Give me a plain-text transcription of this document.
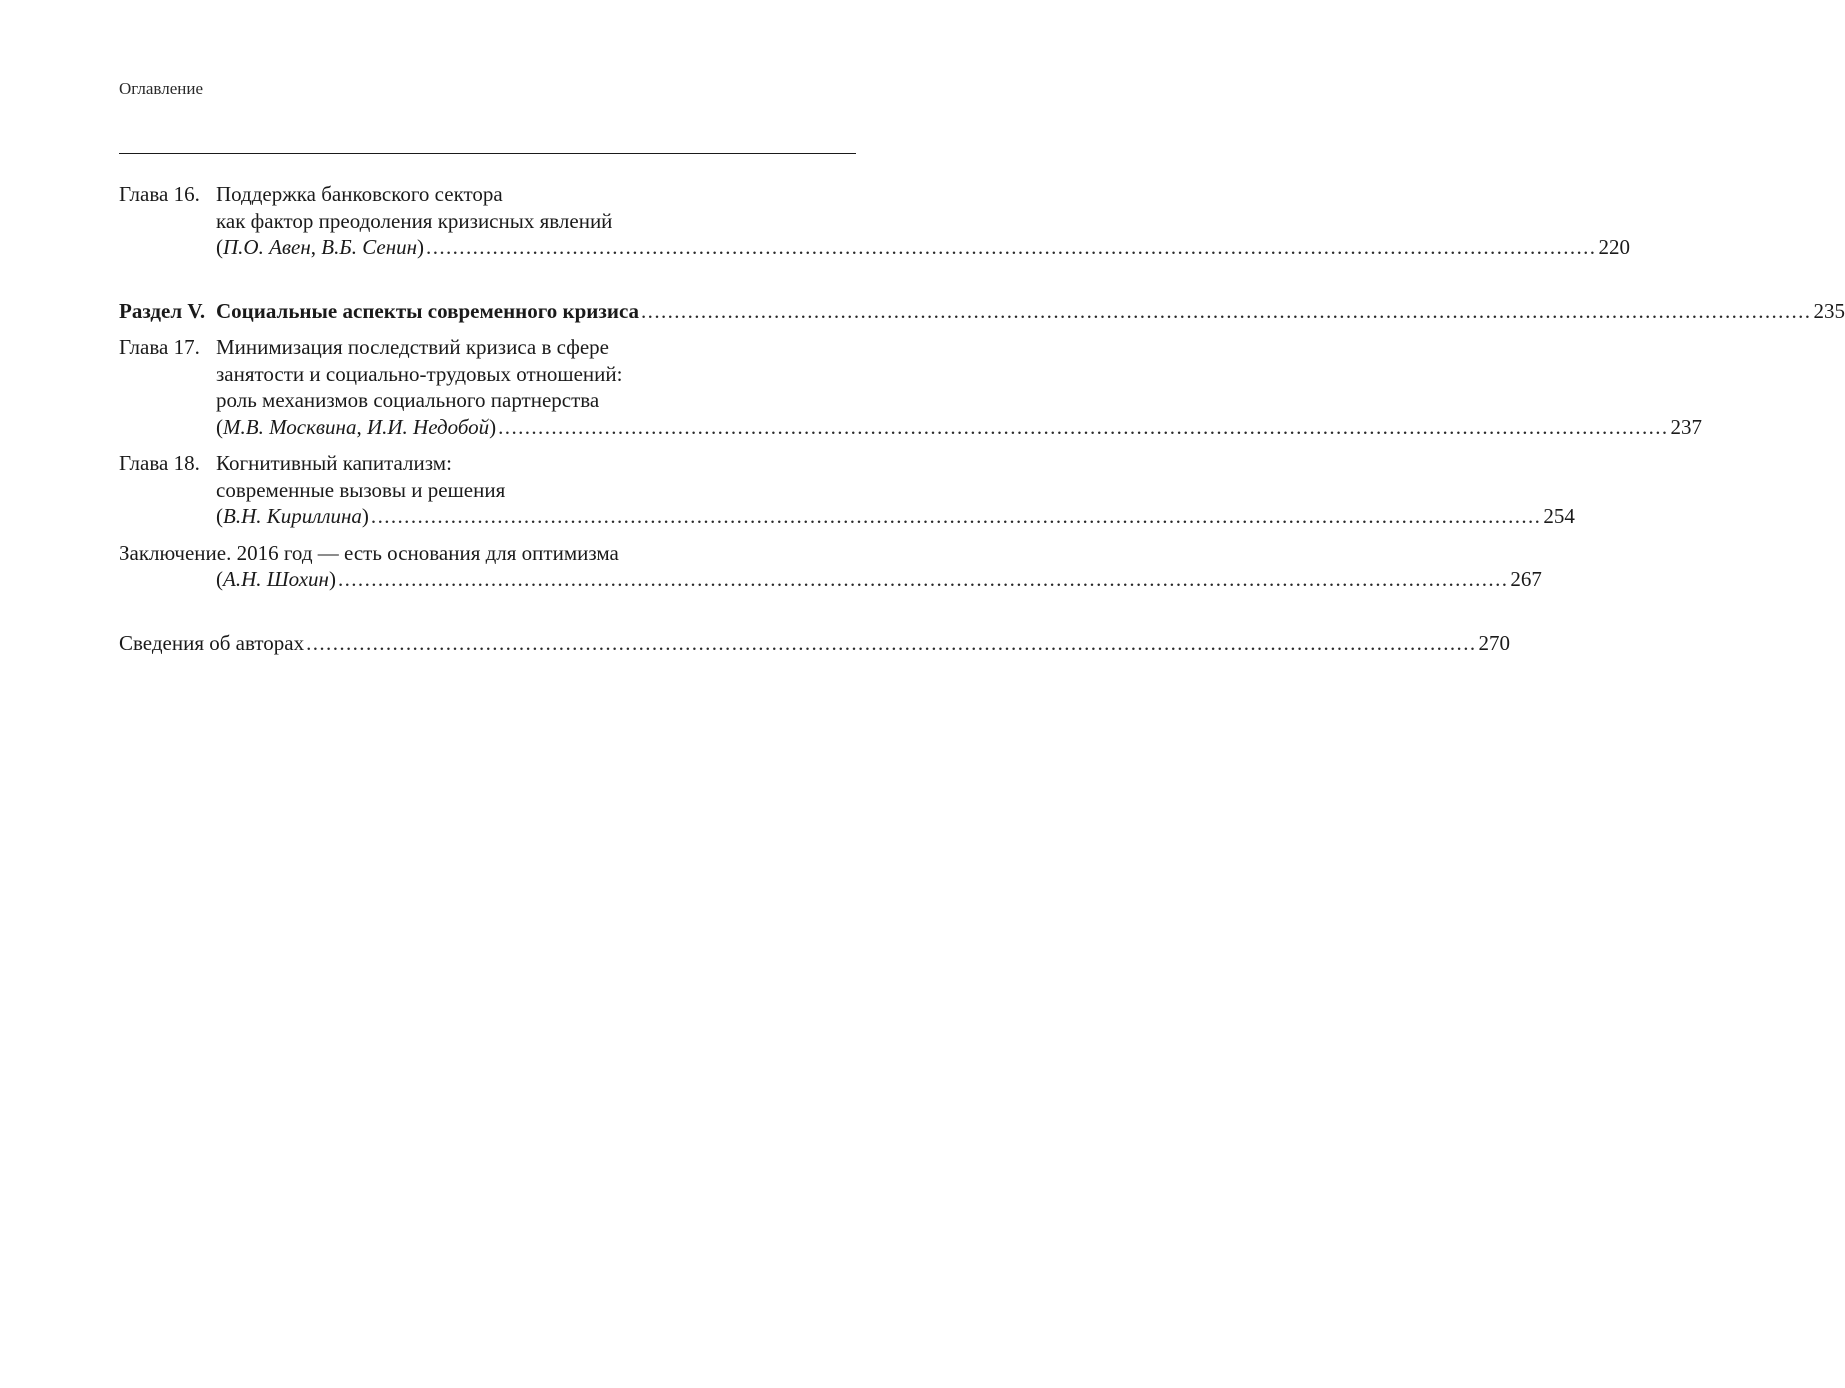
Оглавление
Глава 16. Поддержка банковского сектора
как фактор преодоления кризисных явлений
(П.О. Авен, В.Б. Сенин) ................................................................................................................................................................................ 220
Раздел V. Социальные аспекты современного кризиса ................................................................................................................................................................................ 235
Глава 17. Минимизация последствий кризиса в сфере
занятости и социально-трудовых отношений:
роль механизмов социального партнерства
(М.В. Москвина, И.И. Недобой) ................................................................................................................................................................................ 237
Глава 18. Когнитивный капитализм:
современные вызовы и решения
(В.Н. Кириллина) ................................................................................................................................................................................ 254
Заключение. 2016 год — есть основания для оптимизма
(А.Н. Шохин) ................................................................................................................................................................................ 267
Сведения об авторах ................................................................................................................................................................................ 270
